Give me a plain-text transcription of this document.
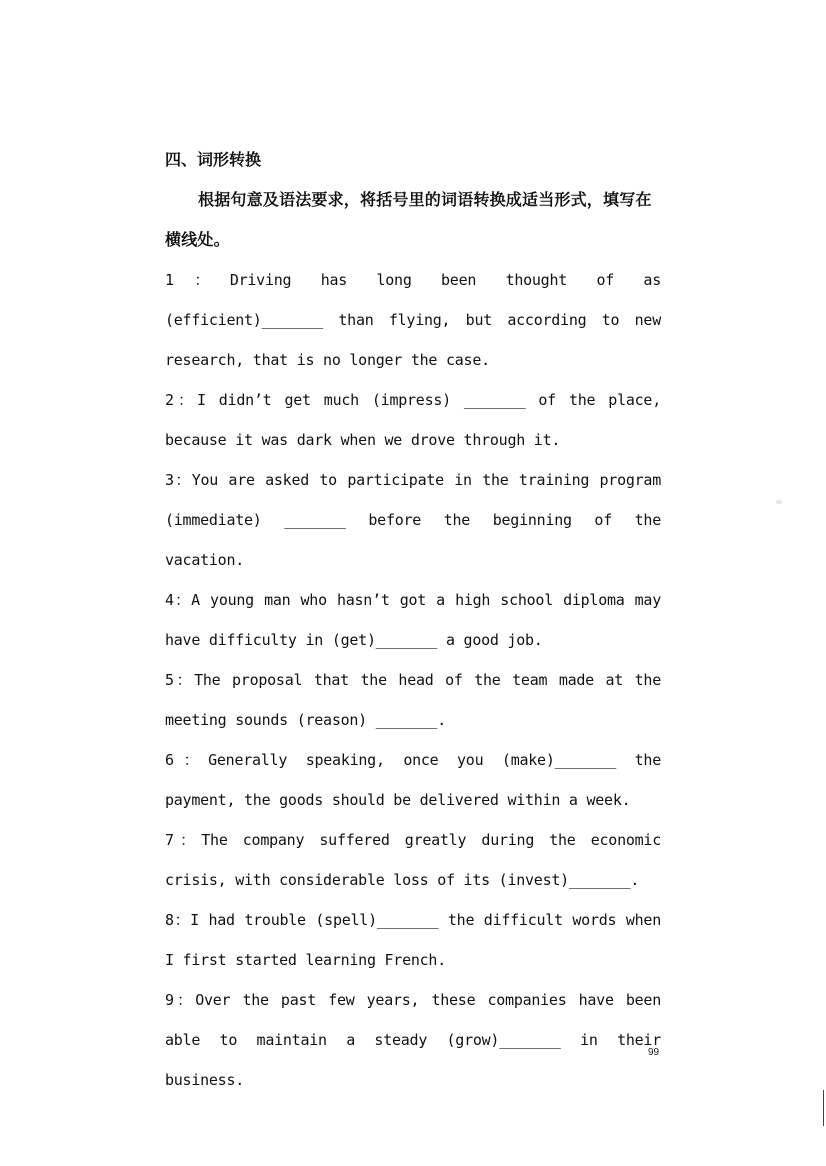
四、词形转换

根据句意及语法要求，将括号里的词语转换成适当形式，填写在横线处。

1：Driving has long been thought of as (efficient)_______ than flying, but according to new research, that is no longer the case.
2：I didn’t get much (impress) _______ of the place, because it was dark when we drove through it.
3：You are asked to participate in the training program (immediate) _______ before the beginning of the vacation.
4：A young man who hasn’t got a high school diploma may have difficulty in (get)_______ a good job.
5：The proposal that the head of the team made at the meeting sounds (reason) _______.
6：Generally speaking, once you (make)_______ the payment, the goods should be delivered within a week.
7：The company suffered greatly during the economic crisis, with considerable loss of its (invest)_______.
8：I had trouble (spell)_______ the difficult words when I first started learning French.
9：Over the past few years, these companies have been able to maintain a steady (grow)_______ in their business.
99
